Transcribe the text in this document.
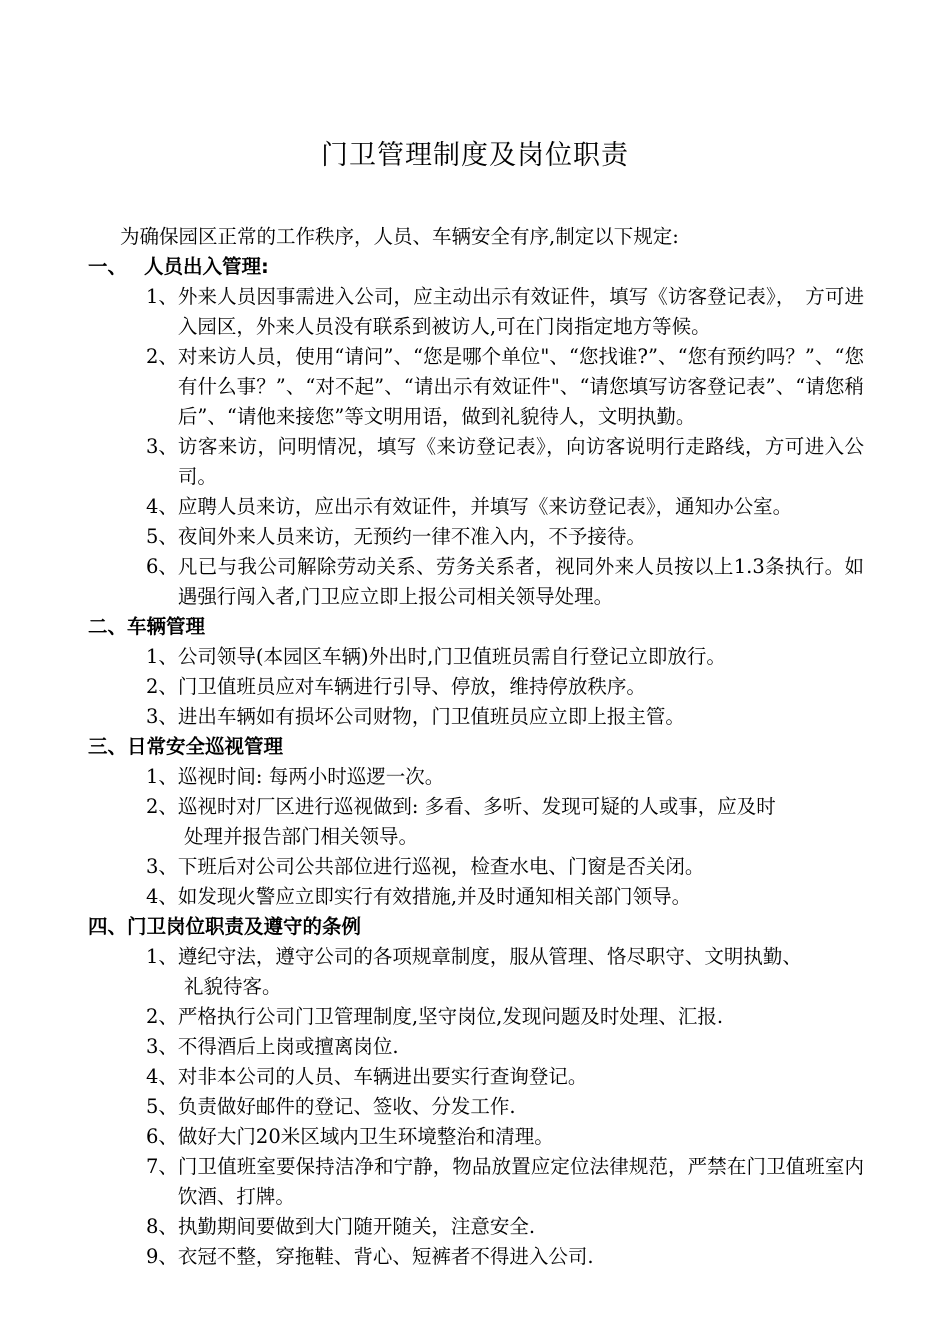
门卫管理制度及岗位职责

为确保园区正常的工作秩序，人员、车辆安全有序,制定以下规定:

一、 人员出入管理:

1、 外来人员因事需进入公司，应主动出示有效证件，填写《访客登记表》，　方可进入园区，外来人员没有联系到被访人,可在门岗指定地方等候。
2、 对来访人员，使用“请问”、“您是哪个单位"、“您找谁?”、“您有预约吗？”、“您有什么事？”、“对不起”、“请出示有效证件"、“请您填写访客登记表”、“请您稍后”、“请他来接您”等文明用语，做到礼貌待人，文明执勤。
3、 访客来访，问明情况，填写《来访登记表》，向访客说明行走路线，方可进入公司。
4、 应聘人员来访，应出示有效证件，并填写《来访登记表》，通知办公室。
5、 夜间外来人员来访，无预约一律不准入内，不予接待。
6、 凡已与我公司解除劳动关系、劳务关系者，视同外来人员按以上1.3条执行。如遇强行闯入者,门卫应立即上报公司相关领导处理。

二、车辆管理

1、 公司领导(本园区车辆)外出时,门卫值班员需自行登记立即放行。
2、 门卫值班员应对车辆进行引导、停放，维持停放秩序。
3、 进出车辆如有损坏公司财物，门卫值班员应立即上报主管。

三、日常安全巡视管理

1、 巡视时间: 每两小时巡逻一次。
2、 巡视时对厂区进行巡视做到: 多看、多听、发现可疑的人或事，应及时

处理并报告部门相关领导。

3、 下班后对公司公共部位进行巡视，检查水电、门窗是否关闭。
4、 如发现火警应立即实行有效措施,并及时通知相关部门领导。

四、门卫岗位职责及遵守的条例

1、 遵纪守法，遵守公司的各项规章制度，服从管理、恪尽职守、文明执勤、

礼貌待客。

2、 严格执行公司门卫管理制度,坚守岗位,发现问题及时处理、汇报.
3、 不得酒后上岗或擅离岗位.
4、 对非本公司的人员、车辆进出要实行查询登记。
5、 负责做好邮件的登记、签收、分发工作.
6、 做好大门20米区域内卫生环境整治和清理。
7、 门卫值班室要保持洁净和宁静，物品放置应定位法律规范，严禁在门卫值班室内饮酒、打牌。
8、 执勤期间要做到大门随开随关，注意安全.
9、 衣冠不整，穿拖鞋、背心、短裤者不得进入公司.
